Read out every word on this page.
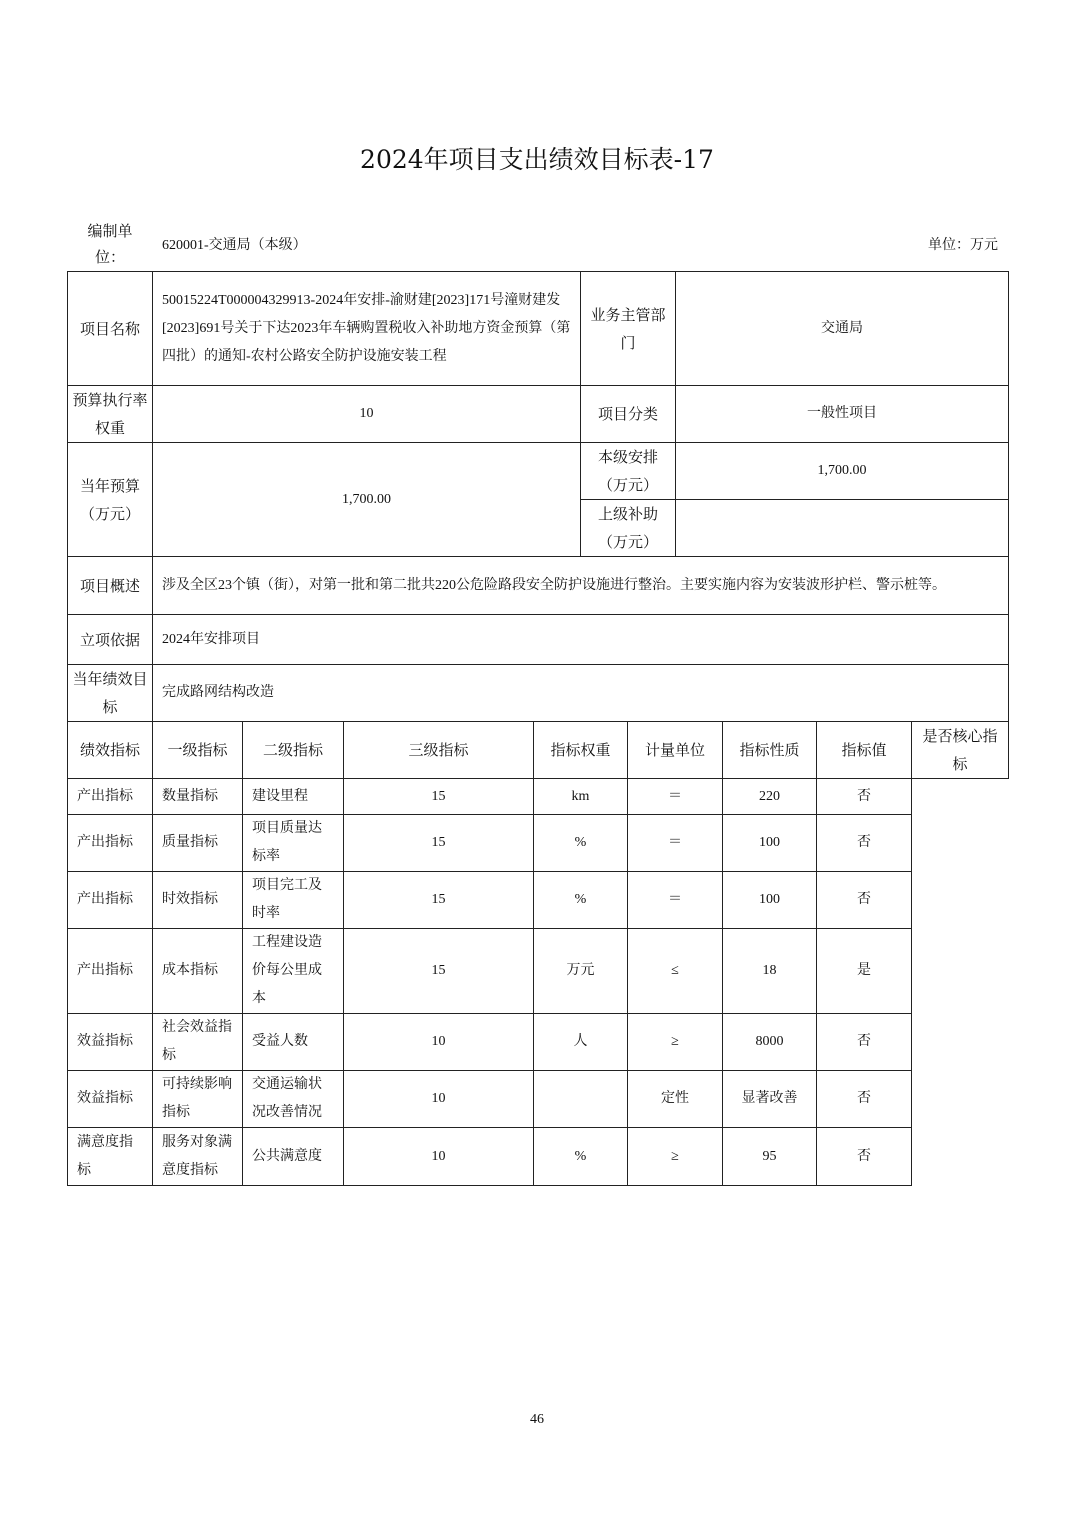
2024年项目支出绩效目标表-17
编制单位：
620001-交通局（本级）	单位：万元
项目名称	50015224T000004329913-2024年安排-渝财建[2023]171号潼财建发[2023]691号关于下达2023年车辆购置税收入补助地方资金预算（第四批）的通知-农村公路安全防护设施安装工程	业务主管部门	交通局
预算执行率权重	10	项目分类	一般性项目
当年预算（万元）	1,700.00	本级安排（万元）	1,700.00
		上级补助（万元）	
项目概述	涉及全区23个镇（街），对第一批和第二批共220公危险路段安全防护设施进行整治。主要实施内容为安装波形护栏、警示桩等。		
立项依据	2024年安排项目		
当年绩效目标	完成路网结构改造		
绩效指标	一级指标	二级指标	三级指标	指标权重	计量单位	指标性质	指标值	是否核心指标
产出指标	数量指标	建设里程	15	km	＝	220	否	
产出指标	质量指标	项目质量达标率	15	%	＝	100	否	
产出指标	时效指标	项目完工及时率	15	%	＝	100	否	
产出指标	成本指标	工程建设造价每公里成本	15	万元	≤	18	是	
效益指标	社会效益指标	受益人数	10	人	≥	8000	否	
效益指标	可持续影响指标	交通运输状况改善情况	10		定性	显著改善	否	
满意度指标	服务对象满意度指标	公共满意度	10	%	≥	95	否	
46
